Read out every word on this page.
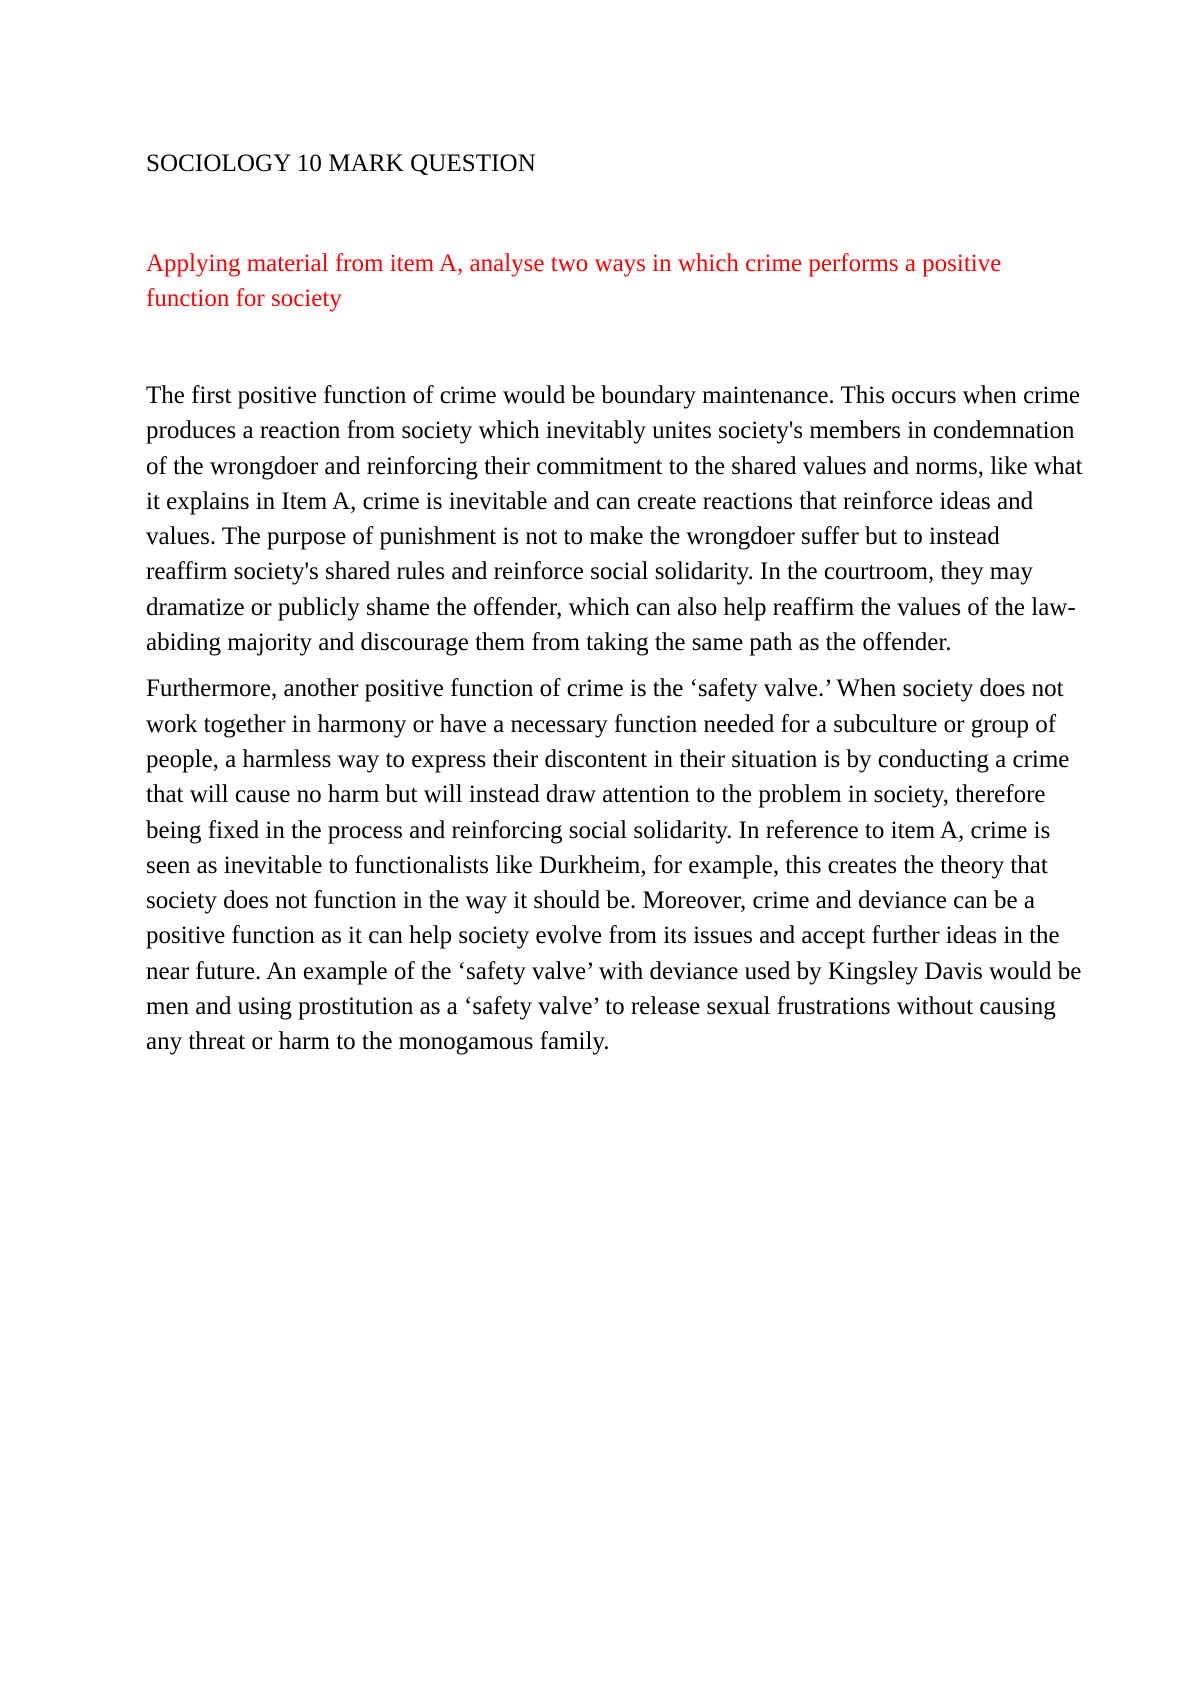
SOCIOLOGY 10 MARK QUESTION

Applying material from item A, analyse two ways in which crime performs a positive function for society

The first positive function of crime would be boundary maintenance. This occurs when crime produces a reaction from society which inevitably unites society's members in condemnation of the wrongdoer and reinforcing their commitment to the shared values and norms, like what it explains in Item A, crime is inevitable and can create reactions that reinforce ideas and values. The purpose of punishment is not to make the wrongdoer suffer but to instead reaffirm society's shared rules and reinforce social solidarity. In the courtroom, they may dramatize or publicly shame the offender, which can also help reaffirm the values of the law-abiding majority and discourage them from taking the same path as the offender.

Furthermore, another positive function of crime is the ‘safety valve.’ When society does not work together in harmony or have a necessary function needed for a subculture or group of people, a harmless way to express their discontent in their situation is by conducting a crime that will cause no harm but will instead draw attention to the problem in society, therefore being fixed in the process and reinforcing social solidarity. In reference to item A, crime is seen as inevitable to functionalists like Durkheim, for example, this creates the theory that society does not function in the way it should be. Moreover, crime and deviance can be a positive function as it can help society evolve from its issues and accept further ideas in the near future. An example of the ‘safety valve’ with deviance used by Kingsley Davis would be men and using prostitution as a ‘safety valve’ to release sexual frustrations without causing any threat or harm to the monogamous family.
